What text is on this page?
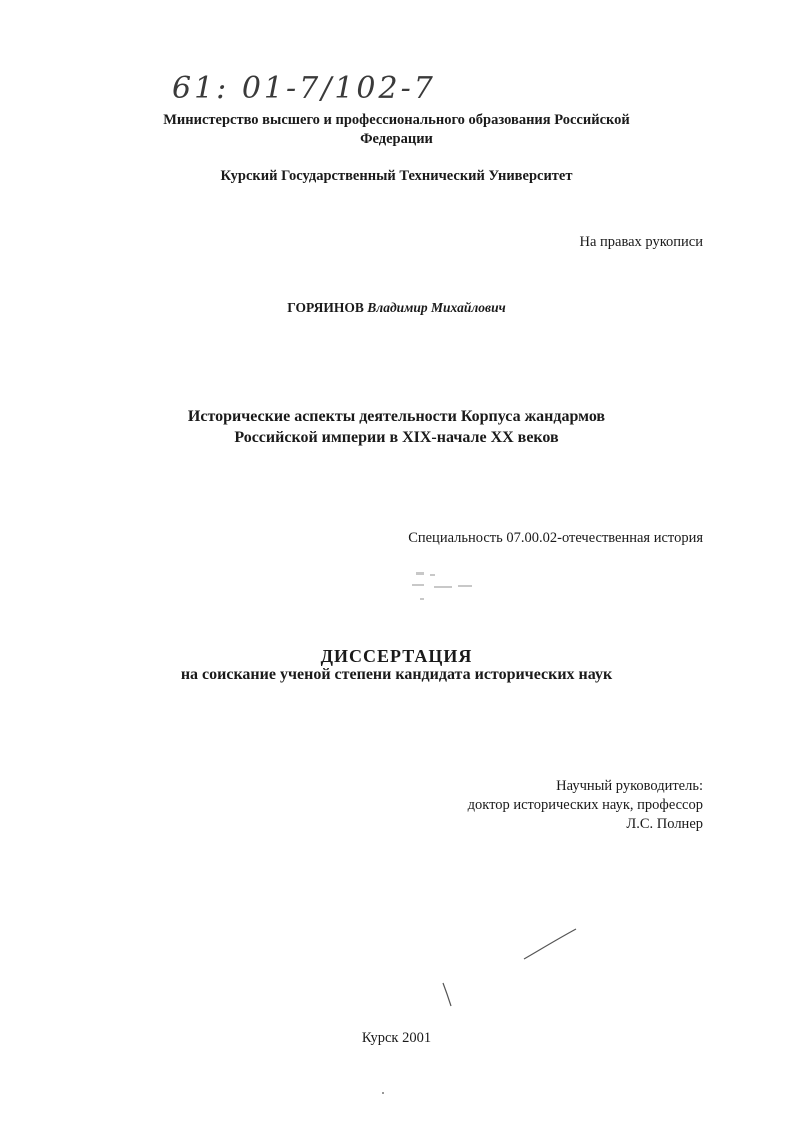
61: 01-7/102-7
Министерство высшего и профессионального образования Российской
Федерации
Курский Государственный Технический Университет
На правах рукописи
ГОРЯИНОВ Владимир Михайлович
Исторические аспекты деятельности Корпуса жандармов
Российской империи в XIX-начале XX веков
Специальность 07.00.02-отечественная история
ДИССЕРТАЦИЯ
на соискание ученой степени кандидата исторических наук
Научный руководитель:
доктор исторических наук, профессор
Л.С. Полнер
Курск 2001
